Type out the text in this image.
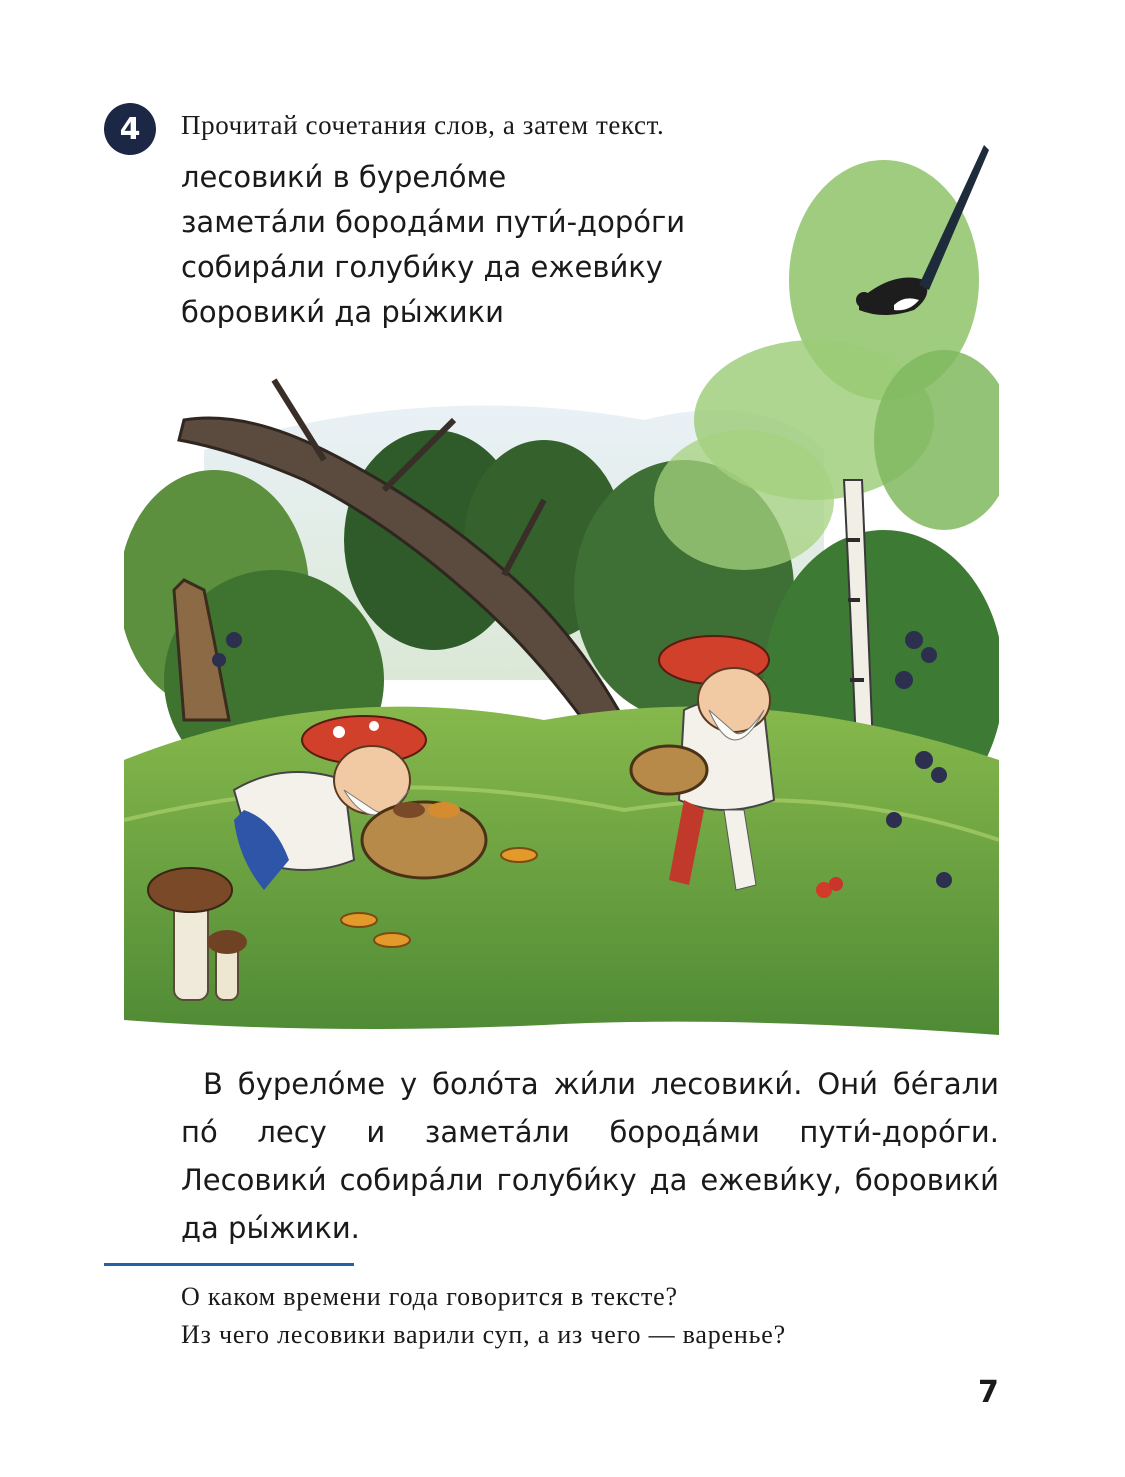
4 Прочитай сочетания слов, а затем текст.
лесовики́ в бурело́ме
замета́ли борода́ми пути́-доро́ги
собира́ли голуби́ку да ежеви́ку
боровики́ да ры́жики

В бурело́ме у боло́та жи́ли лесовики́. Они́ бе́гали по́ лесу и замета́ли борода́ми пути́-доро́ги. Лесовики́ собира́ли голуби́ку да ежеви́ку, боровики́ да ры́жики.

О каком времени года говорится в тексте?
Из чего лесовики варили суп, а из чего — варенье?
7
